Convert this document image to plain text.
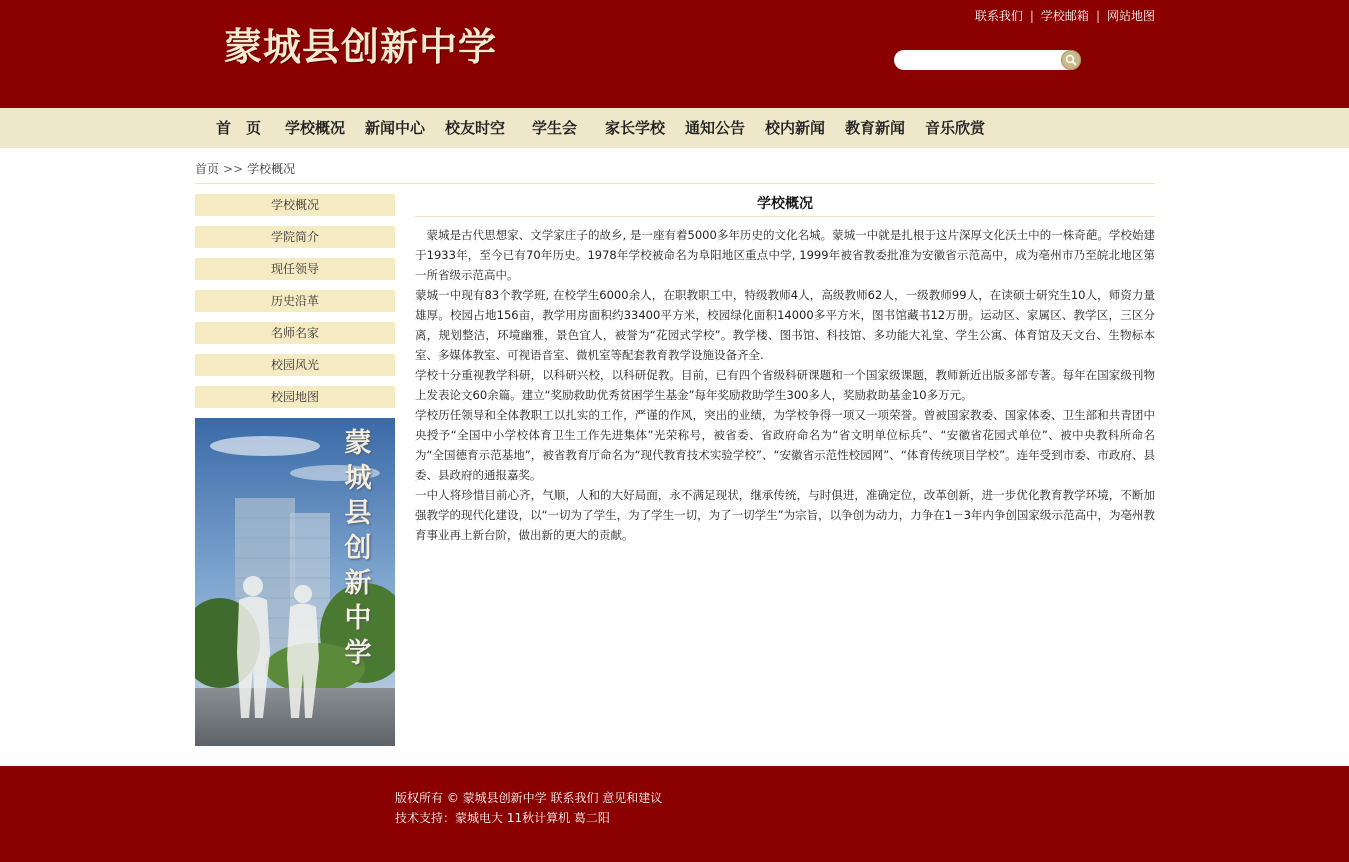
蒙城县创新中学
联系我们 | 学校邮箱 | 网站地图
首　页 学校概况 新闻中心 校友时空 学生会 家长学校 通知公告 校内新闻 教育新闻 音乐欣赏
首页 >> 学校概况
学校概况
学院简介
现任领导
历史沿革
名师名家
校园风光
校园地图
蒙
城
县
创
新
中
学
学校概况

　蒙城是古代思想家、文学家庄子的故乡, 是一座有着5000多年历史的文化名城。蒙城一中就是扎根于这片深厚文化沃土中的一株奇葩。学校始建于1933年，至今已有70年历史。1978年学校被命名为阜阳地区重点中学, 1999年被省教委批准为安徽省示范高中，成为亳州市乃至皖北地区第一所省级示范高中。

蒙城一中现有83个教学班, 在校学生6000余人，在职教职工中，特级教师4人，高级教师62人，一级教师99人，在读硕士研究生10人，师资力量雄厚。校园占地156亩，教学用房面积约33400平方米，校园绿化面积14000多平方米，图书馆藏书12万册。运动区、家属区、教学区，三区分离，规划整洁，环境幽雅，景色宜人，被誉为“花园式学校”。教学楼、图书馆、科技馆、多功能大礼堂、学生公寓、体育馆及天文台、生物标本室、多媒体教室、可视语音室、微机室等配套教育教学设施设备齐全.

学校十分重视教学科研，以科研兴校，以科研促教。目前，已有四个省级科研课题和一个国家级课题，教师新近出版多部专著。每年在国家级刊物上发表论文60余篇。建立“奖励救助优秀贫困学生基金”每年奖励救助学生300多人，奖励救助基金10多万元。

学校历任领导和全体教职工以扎实的工作，严谨的作风，突出的业绩，为学校争得一项又一项荣誉。曾被国家教委、国家体委、卫生部和共青团中央授予“全国中小学校体育卫生工作先进集体”光荣称号，被省委、省政府命名为“省文明单位标兵”、“安徽省花园式单位”、被中央教科所命名为“全国德育示范基地”，被省教育厅命名为“现代教育技术实验学校”、“安徽省示范性校园网”、“体育传统项目学校”。连年受到市委、市政府、县委、县政府的通报嘉奖。

一中人将珍惜目前心齐，气顺，人和的大好局面，永不满足现状，继承传统，与时俱进，准确定位，改革创新，进一步优化教育教学环境，不断加强教学的现代化建设，以“一切为了学生，为了学生一切，为了一切学生”为宗旨，以争创为动力，力争在1－3年内争创国家级示范高中，为亳州教育事业再上新台阶，做出新的更大的贡献。

版权所有 © 蒙城县创新中学 联系我们 意见和建议
技术支持：蒙城电大 11秋计算机 葛二阳
